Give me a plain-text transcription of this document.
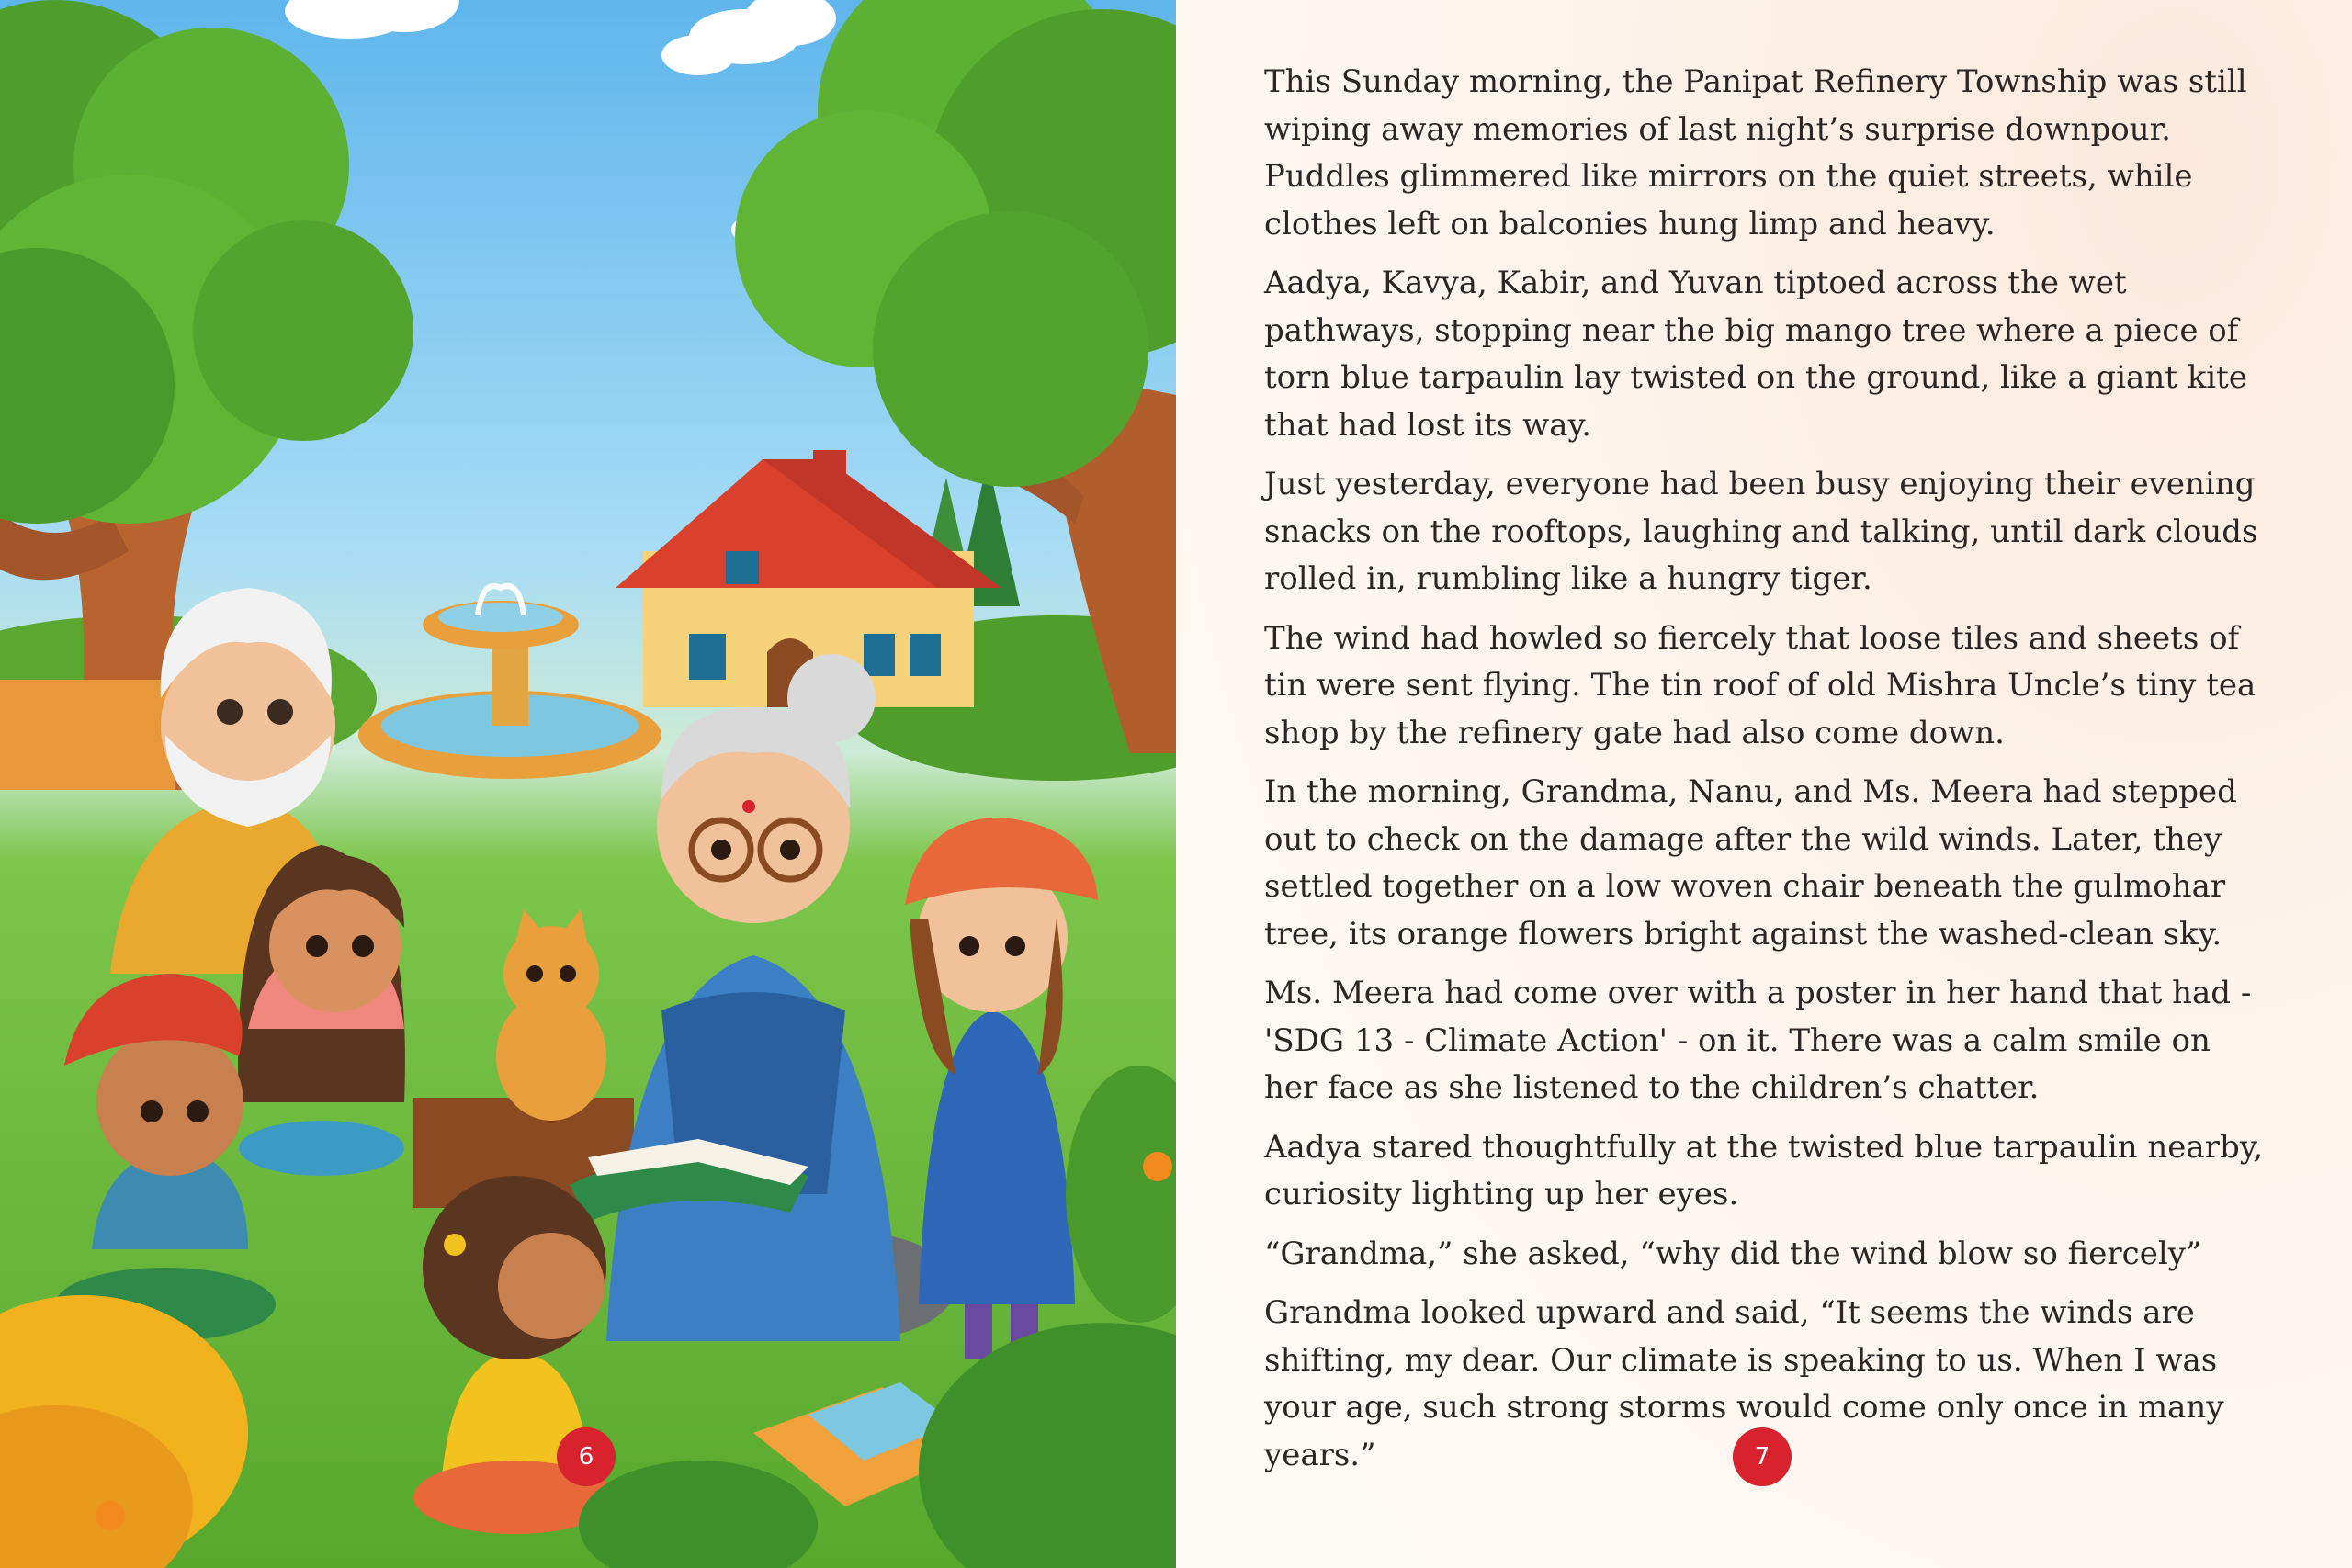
6

This Sunday morning, the Panipat Refinery Township was still wiping away memories of last night’s surprise downpour. Puddles glimmered like mirrors on the quiet streets, while clothes left on balconies hung limp and heavy.

Aadya, Kavya, Kabir, and Yuvan tiptoed across the wet pathways, stopping near the big mango tree where a piece of torn blue tarpaulin lay twisted on the ground, like a giant kite that had lost its way.

Just yesterday, everyone had been busy enjoying their evening snacks on the rooftops, laughing and talking, until dark clouds rolled in, rumbling like a hungry tiger.

The wind had howled so fiercely that loose tiles and sheets of tin were sent flying. The tin roof of old Mishra Uncle’s tiny tea shop by the refinery gate had also come down.

In the morning, Grandma, Nanu, and Ms. Meera had stepped out to check on the damage after the wild winds. Later, they settled together on a low woven chair beneath the gulmohar tree, its orange flowers bright against the washed-clean sky.

Ms. Meera had come over with a poster in her hand that had - 'SDG 13 - Climate Action' - on it. There was a calm smile on her face as she listened to the children’s chatter.

Aadya stared thoughtfully at the twisted blue tarpaulin nearby, curiosity lighting up her eyes.

“Grandma,” she asked, “why did the wind blow so fiercely”

Grandma looked upward and said, “It seems the winds are shifting, my dear. Our climate is speaking to us. When I was your age, such strong storms would come only once in many years.”	7
